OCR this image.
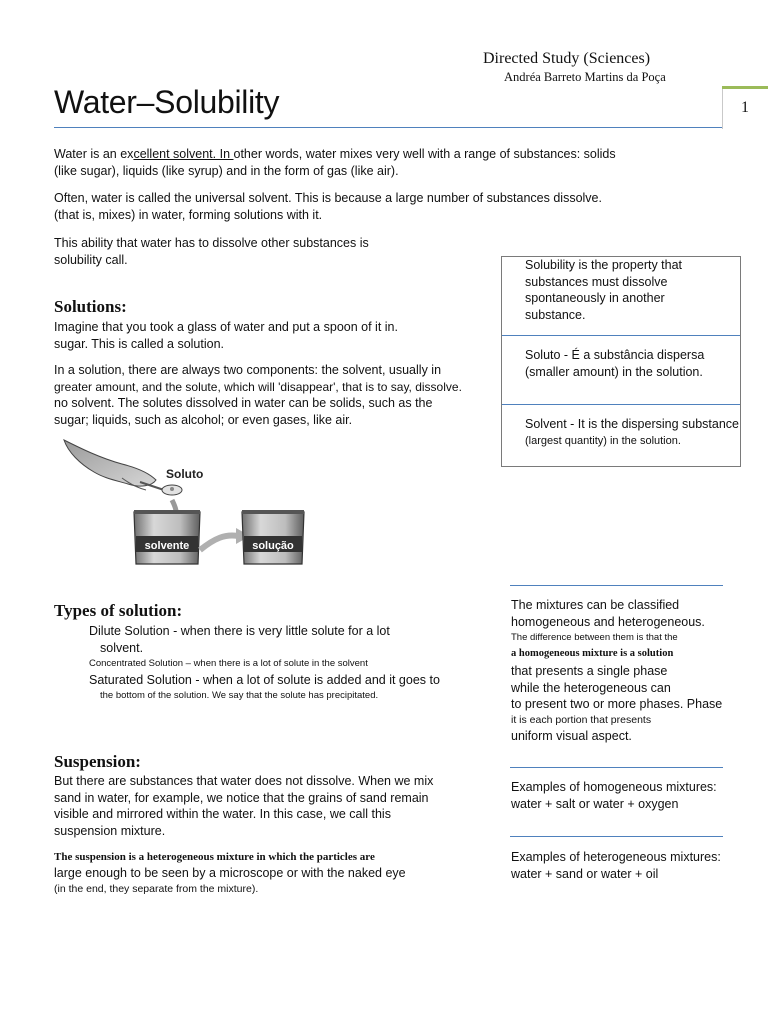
Directed Study (Sciences)
Andréa Barreto Martins da Poça
1
Water–Solubility

Water is an excellent solvent. In other words, water mixes very well with a range of substances: solids

(like sugar), liquids (like syrup) and in the form of gas (like air).

Often, water is called the universal solvent. This is because a large number of substances dissolve.

(that is, mixes) in water, forming solutions with it.

This ability that water has to dissolve other substances is

solubility call.

Solutions:

Imagine that you took a glass of water and put a spoon of it in.

sugar. This is called a solution.

In a solution, there are always two components: the solvent, usually in

greater amount, and the solute, which will 'disappear', that is to say, dissolve.

no solvent. The solutes dissolved in water can be solids, such as the

sugar; liquids, such as alcohol; or even gases, like air.

Soluto
solvente	solução
Types of solution:

Dilute Solution - when there is very little solute for a lot

solvent.

Concentrated Solution – when there is a lot of solute in the solvent

Saturated Solution - when a lot of solute is added and it goes to

the bottom of the solution. We say that the solute has precipitated.

Suspension:

But there are substances that water does not dissolve. When we mix

sand in water, for example, we notice that the grains of sand remain

visible and mirrored within the water. In this case, we call this

suspension mixture.

The suspension is a heterogeneous mixture in which the particles are

large enough to be seen by a microscope or with the naked eye

(in the end, they separate from the mixture).

Solubility is the property that

substances must dissolve

spontaneously in another

substance.

Soluto - É a substância dispersa

(smaller amount) in the solution.

Solvent - It is the dispersing substance

(largest quantity) in the solution.

The mixtures can be classified

homogeneous and heterogeneous.

The difference between them is that the

a homogeneous mixture is a solution

that presents a single phase

while the heterogeneous can

to present two or more phases. Phase

it is each portion that presents

uniform visual aspect.

Examples of homogeneous mixtures:

water + salt or water + oxygen

Examples of heterogeneous mixtures:

water + sand or water + oil
